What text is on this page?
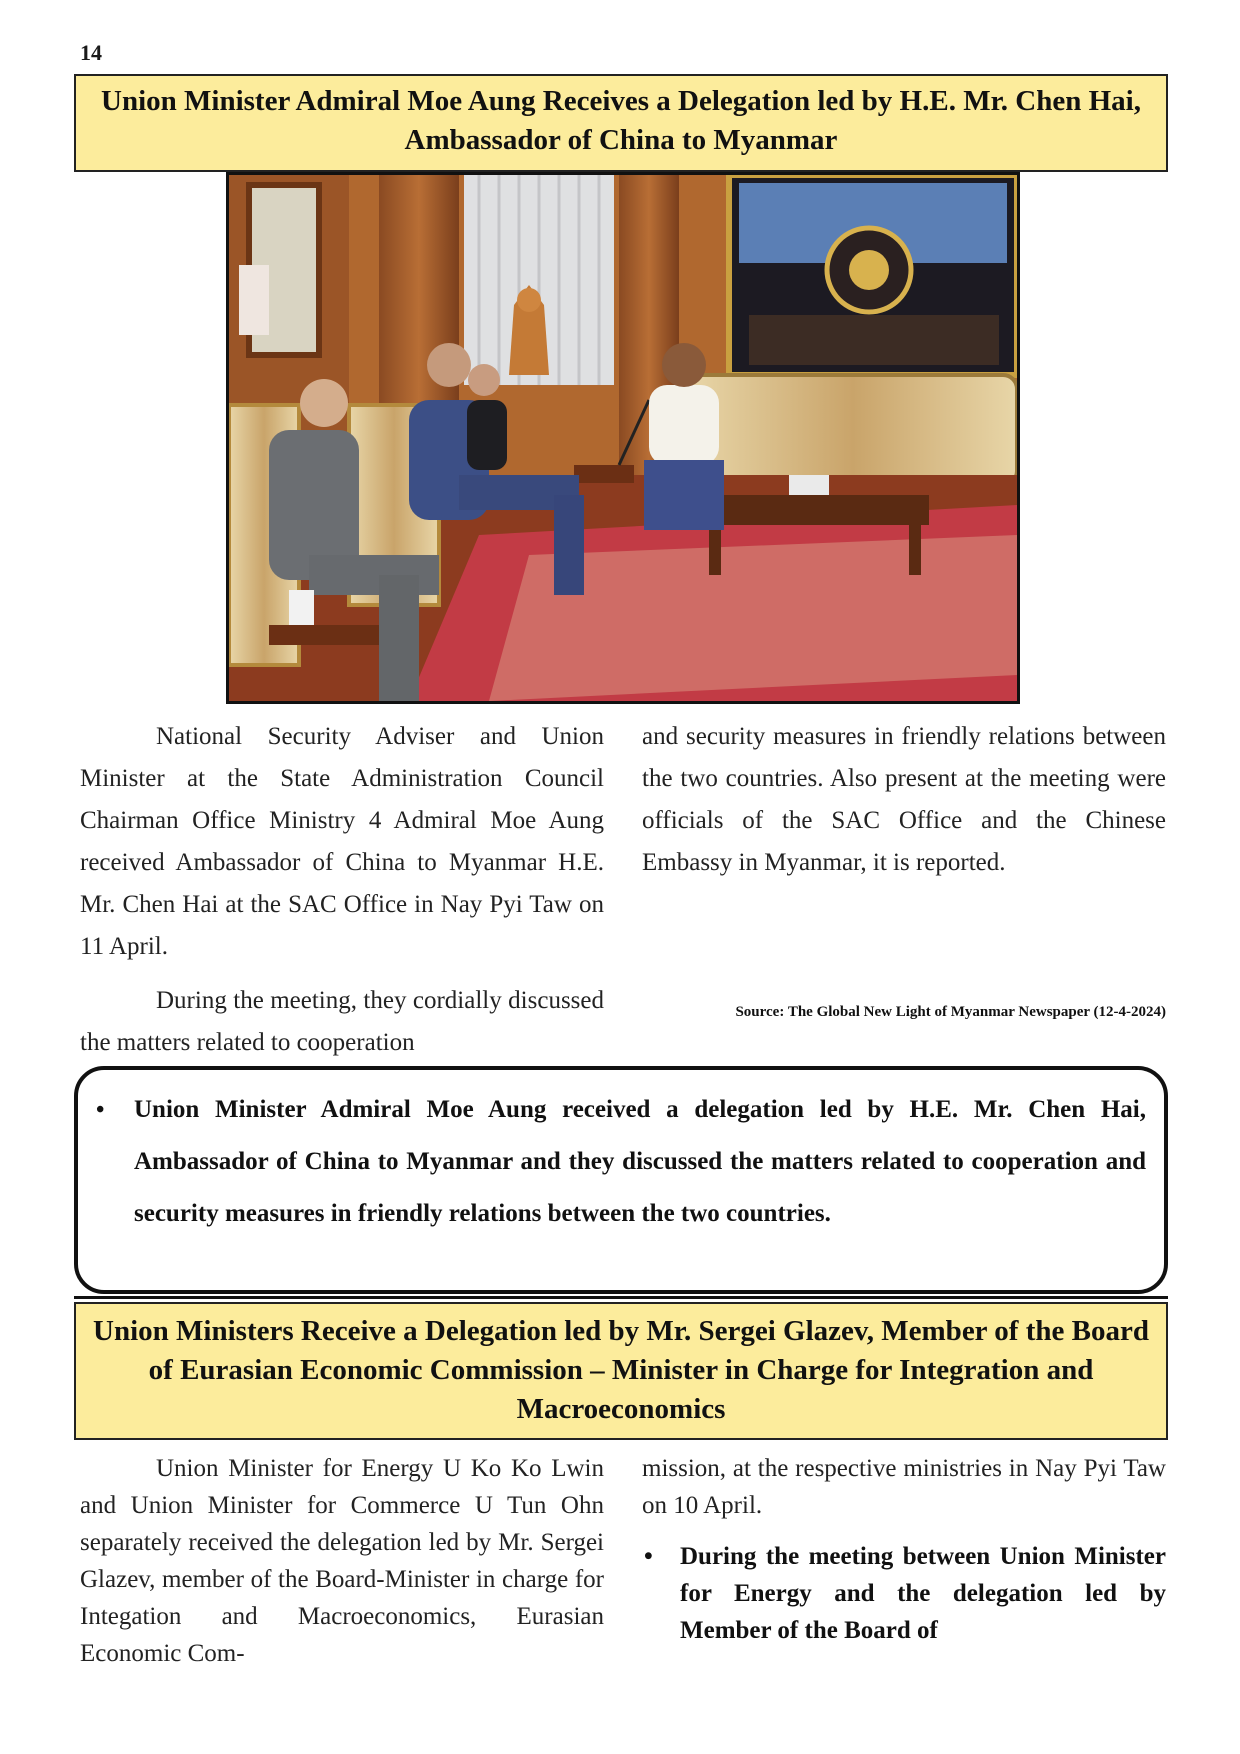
14
Union Minister Admiral Moe Aung Receives a Delegation led by H.E. Mr. Chen Hai, Ambassador of China to Myanmar

National Security Adviser and Union Minister at the State Administration Council Chairman Office Ministry 4 Admiral Moe Aung received Ambassador of China to Myanmar H.E. Mr. Chen Hai at the SAC Office in Nay Pyi Taw on 11 April.

During the meeting, they cordially discussed the matters related to cooperation

and security measures in friendly relations between the two countries. Also present at the meeting were officials of the SAC Office and the Chinese Embassy in Myanmar, it is reported.

Source: The Global New Light of Myanmar Newspaper (12-4-2024)
• Union Minister Admiral Moe Aung received a delegation led by H.E. Mr. Chen Hai, Ambassador of China to Myanmar and they discussed the matters related to cooperation and security measures in friendly relations between the two countries.
Union Ministers Receive a Delegation led by Mr. Sergei Glazev, Member of the Board of Eurasian Economic Commission – Minister in Charge for Integration and Macroeconomics

Union Minister for Energy U Ko Ko Lwin and Union Minister for Commerce U Tun Ohn separately received the delegation led by Mr. Sergei Glazev, member of the Board-Minister in charge for Integation and Macroeconomics, Eurasian Economic Com-

mission, at the respective ministries in Nay Pyi Taw on 10 April.

• During the meeting between Union Minister for Energy and the delegation led by Member of the Board of
